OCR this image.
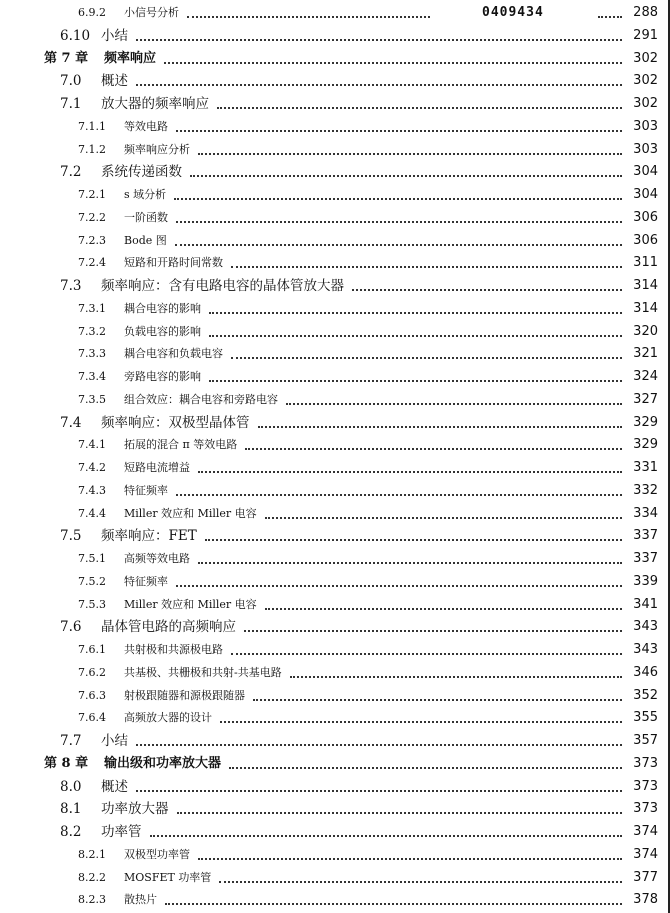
6.9.2 小信号分析	288
0409434
6.10 小结	291
第 7 章 频率响应	302
7.0 概述	302
7.1 放大器的频率响应	302
7.1.1 等效电路	303
7.1.2 频率响应分析	303
7.2 系统传递函数	304
7.2.1 s 域分析	304
7.2.2 一阶函数	306
7.2.3 Bode 图	306
7.2.4 短路和开路时间常数	311
7.3 频率响应：含有电路电容的晶体管放大器	314
7.3.1 耦合电容的影响	314
7.3.2 负载电容的影响	320
7.3.3 耦合电容和负载电容	321
7.3.4 旁路电容的影响	324
7.3.5 组合效应：耦合电容和旁路电容	327
7.4 频率响应：双极型晶体管	329
7.4.1 拓展的混合 π 等效电路	329
7.4.2 短路电流增益	331
7.4.3 特征频率	332
7.4.4 Miller 效应和 Miller 电容	334
7.5 频率响应：FET	337
7.5.1 高频等效电路	337
7.5.2 特征频率	339
7.5.3 Miller 效应和 Miller 电容	341
7.6 晶体管电路的高频响应	343
7.6.1 共射极和共源极电路	343
7.6.2 共基极、共栅极和共射-共基电路	346
7.6.3 射极跟随器和源极跟随器	352
7.6.4 高频放大器的设计	355
7.7 小结	357
第 8 章 输出级和功率放大器	373
8.0 概述	373
8.1 功率放大器	373
8.2 功率管	374
8.2.1 双极型功率管	374
8.2.2 MOSFET 功率管	377
8.2.3 散热片	378
